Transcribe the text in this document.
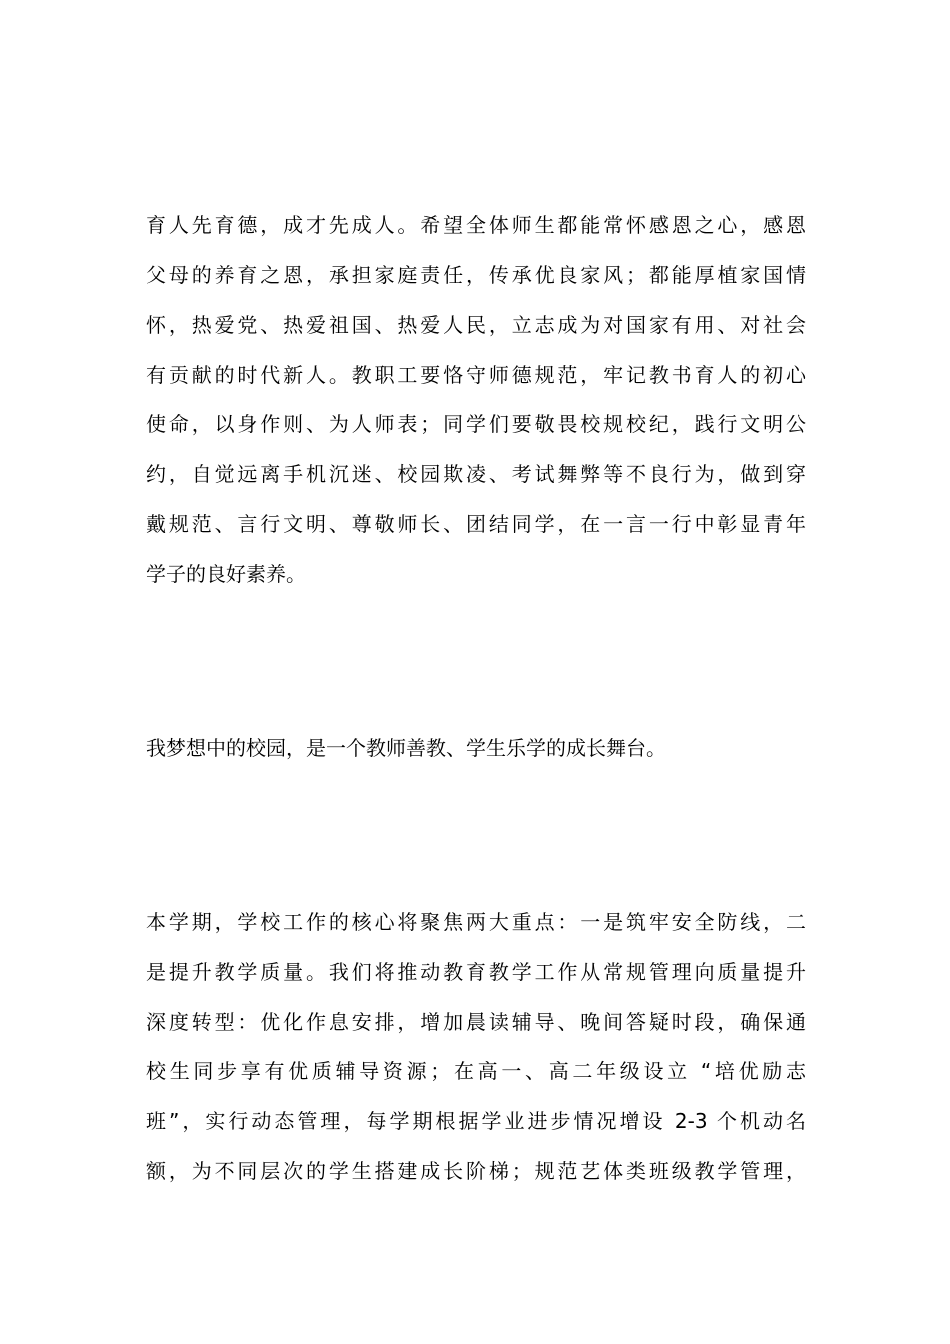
育人先育德，成才先成人。希望全体师生都能常怀感恩之心，感恩
父母的养育之恩，承担家庭责任，传承优良家风；都能厚植家国情
怀，热爱党、热爱祖国、热爱人民，立志成为对国家有用、对社会
有贡献的时代新人。教职工要恪守师德规范，牢记教书育人的初心
使命，以身作则、为人师表；同学们要敬畏校规校纪，践行文明公
约，自觉远离手机沉迷、校园欺凌、考试舞弊等不良行为，做到穿
戴规范、言行文明、尊敬师长、团结同学，在一言一行中彰显青年
学子的良好素养。
我梦想中的校园，是一个教师善教、学生乐学的成长舞台。
本学期，学校工作的核心将聚焦两大重点：一是筑牢安全防线，二
是提升教学质量。我们将推动教育教学工作从常规管理向质量提升
深度转型：优化作息安排，增加晨读辅导、晚间答疑时段，确保通
校生同步享有优质辅导资源；在高一、高二年级设立 “培优励志
班”，实行动态管理，每学期根据学业进步情况增设 2-3 个机动名
额，为不同层次的学生搭建成长阶梯；规范艺体类班级教学管理，
